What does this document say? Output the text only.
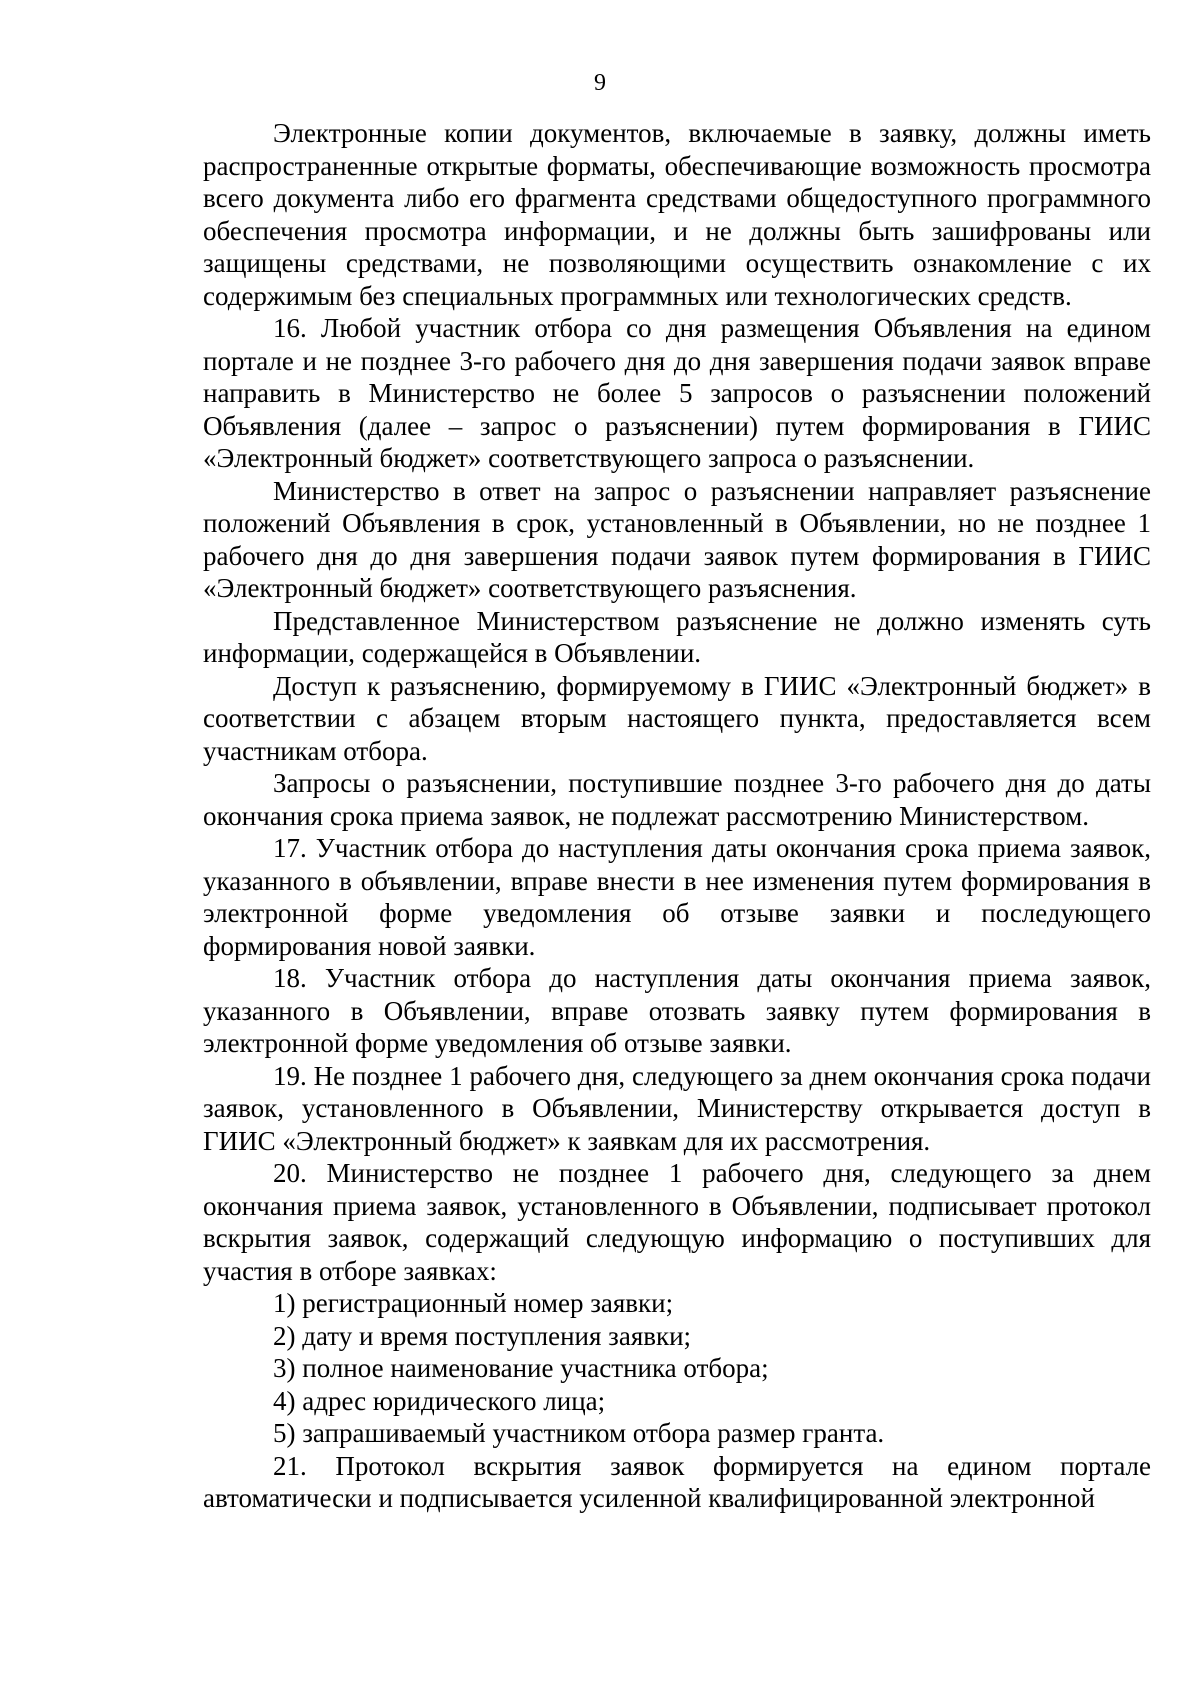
9

Электронные копии документов, включаемые в заявку, должны иметь распространенные открытые форматы, обеспечивающие возможность просмотра всего документа либо его фрагмента средствами общедоступного программного обеспечения просмотра информации, и не должны быть зашифрованы или защищены средствами, не позволяющими осуществить ознакомление с их содержимым без специальных программных или технологических средств.

16. Любой участник отбора со дня размещения Объявления на едином портале и не позднее 3-го рабочего дня до дня завершения подачи заявок вправе направить в Министерство не более 5 запросов о разъяснении положений Объявления (далее – запрос о разъяснении) путем формирования в ГИИС «Электронный бюджет» соответствующего запроса о разъяснении.

Министерство в ответ на запрос о разъяснении направляет разъяснение положений Объявления в срок, установленный в Объявлении, но не позднее 1 рабочего дня до дня завершения подачи заявок путем формирования в ГИИС «Электронный бюджет» соответствующего разъяснения.

Представленное Министерством разъяснение не должно изменять суть информации, содержащейся в Объявлении.

Доступ к разъяснению, формируемому в ГИИС «Электронный бюджет» в соответствии с абзацем вторым настоящего пункта, предоставляется всем участникам отбора.

Запросы о разъяснении, поступившие позднее 3-го рабочего дня до даты окончания срока приема заявок, не подлежат рассмотрению Министерством.

17. Участник отбора до наступления даты окончания срока приема заявок, указанного в объявлении, вправе внести в нее изменения путем формирования в электронной форме уведомления об отзыве заявки и последующего формирования новой заявки.

18. Участник отбора до наступления даты окончания приема заявок, указанного в Объявлении, вправе отозвать заявку путем формирования в электронной форме уведомления об отзыве заявки.

19. Не позднее 1 рабочего дня, следующего за днем окончания срока подачи заявок, установленного в Объявлении, Министерству открывается доступ в ГИИС «Электронный бюджет» к заявкам для их рассмотрения.

20. Министерство не позднее 1 рабочего дня, следующего за днем окончания приема заявок, установленного в Объявлении, подписывает протокол вскрытия заявок, содержащий следующую информацию о поступивших для участия в отборе заявках:

1) регистрационный номер заявки;

2) дату и время поступления заявки;

3) полное наименование участника отбора;

4) адрес юридического лица;

5) запрашиваемый участником отбора размер гранта.

21. Протокол вскрытия заявок формируется на едином портале автоматически и подписывается усиленной квалифицированной электронной
